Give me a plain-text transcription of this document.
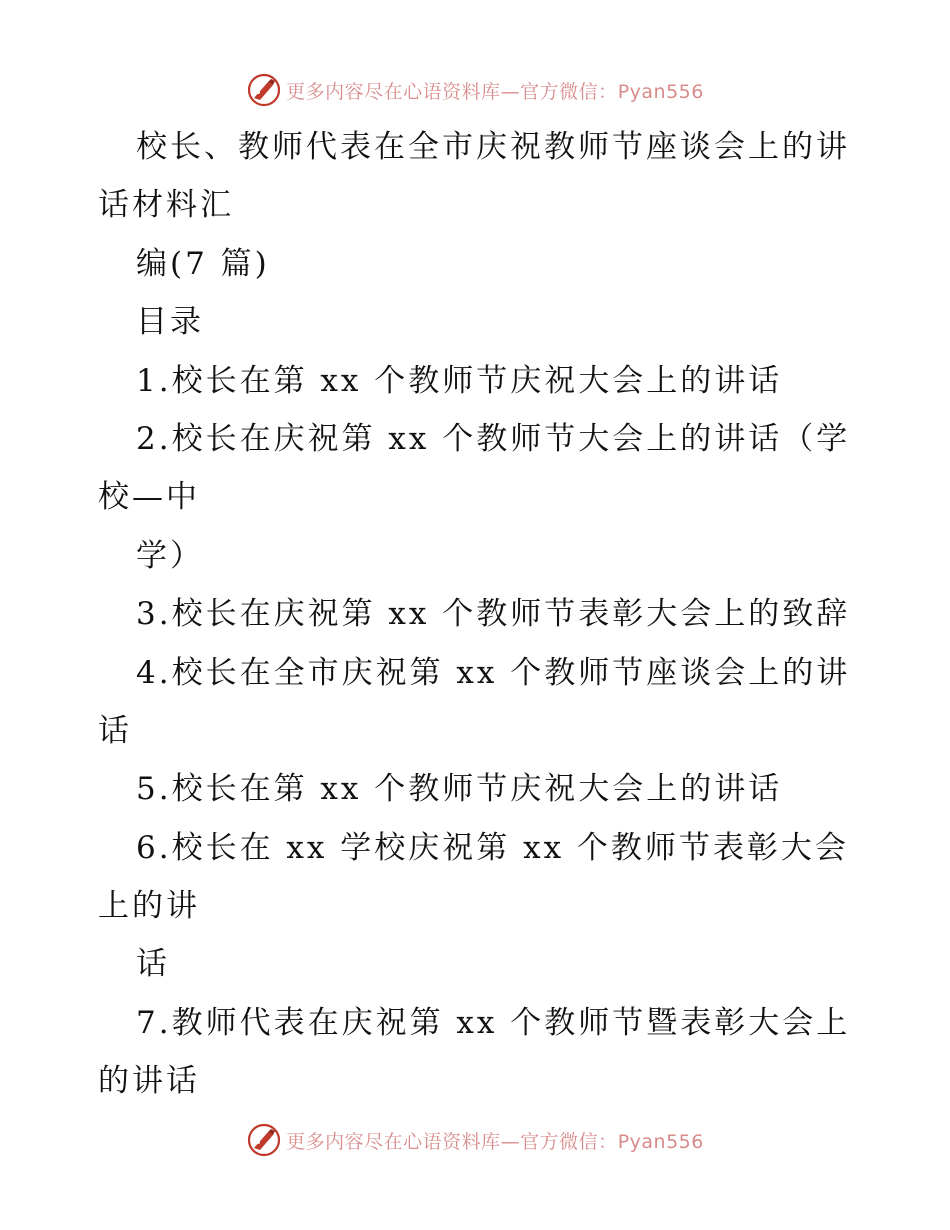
更多内容尽在心语资料库—官方微信：Pyan556
校长、教师代表在全市庆祝教师节座谈会上的讲
话材料汇
编(7 篇)
目录
1.校长在第 xx 个教师节庆祝大会上的讲话
2.校长在庆祝第 xx 个教师节大会上的讲话（学
校—中
学）
3.校长在庆祝第 xx 个教师节表彰大会上的致辞
4.校长在全市庆祝第 xx 个教师节座谈会上的讲
话
5.校长在第 xx 个教师节庆祝大会上的讲话
6.校长在 xx 学校庆祝第 xx 个教师节表彰大会
上的讲
话
7.教师代表在庆祝第 xx 个教师节暨表彰大会上
的讲话
更多内容尽在心语资料库—官方微信：Pyan556
